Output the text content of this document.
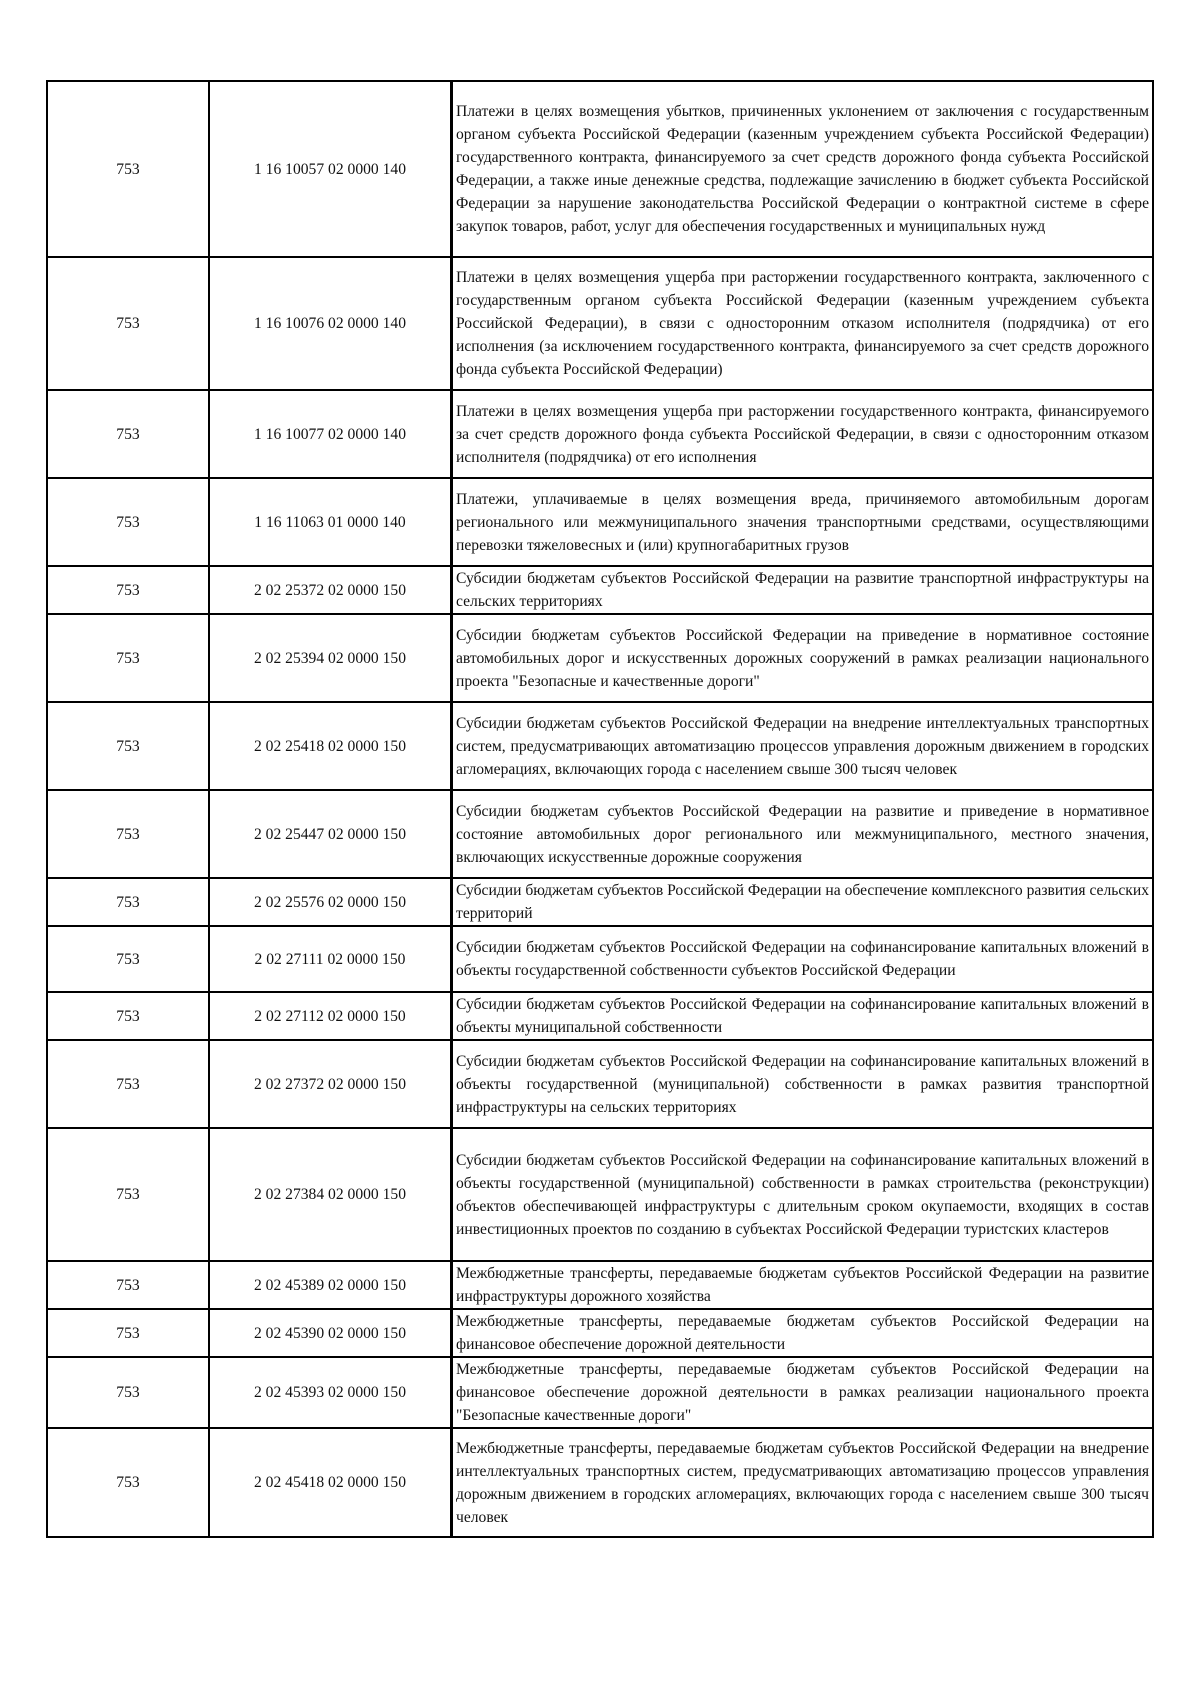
753	1 16 10057 02 0000 140	Платежи в целях возмещения убытков, причиненных уклонением от заключения с государственным органом субъекта Российской Федерации (казенным учреждением субъекта Российской Федерации) государственного контракта, финансируемого за счет средств дорожного фонда субъекта Российской Федерации, а также иные денежные средства, подлежащие зачислению в бюджет субъекта Российской Федерации за нарушение законодательства Российской Федерации о контрактной системе в сфере закупок товаров, работ, услуг для обеспечения государственных и муниципальных нужд
753	1 16 10076 02 0000 140	Платежи в целях возмещения ущерба при расторжении государственного контракта, заключенного с государственным органом субъекта Российской Федерации (казенным учреждением субъекта Российской Федерации), в связи с односторонним отказом исполнителя (подрядчика) от его исполнения (за исключением государственного контракта, финансируемого за счет средств дорожного фонда субъекта Российской Федерации)
753	1 16 10077 02 0000 140	Платежи в целях возмещения ущерба при расторжении государственного контракта, финансируемого за счет средств дорожного фонда субъекта Российской Федерации, в связи с односторонним отказом исполнителя (подрядчика) от его исполнения
753	1 16 11063 01 0000 140	Платежи, уплачиваемые в целях возмещения вреда, причиняемого автомобильным дорогам регионального или межмуниципального значения транспортными средствами, осуществляющими перевозки тяжеловесных и (или) крупногабаритных грузов
753	2 02 25372 02 0000 150	Субсидии бюджетам субъектов Российской Федерации на развитие транспортной инфраструктуры на сельских территориях
753	2 02 25394 02 0000 150	Субсидии бюджетам субъектов Российской Федерации на приведение в нормативное состояние автомобильных дорог и искусственных дорожных сооружений в рамках реализации национального проекта "Безопасные и качественные дороги"
753	2 02 25418 02 0000 150	Субсидии бюджетам субъектов Российской Федерации на внедрение интеллектуальных транспортных систем, предусматривающих автоматизацию процессов управления дорожным движением в городских агломерациях, включающих города с населением свыше 300 тысяч человек
753	2 02 25447 02 0000 150	Субсидии бюджетам субъектов Российской Федерации на развитие и приведение в нормативное состояние автомобильных дорог регионального или межмуниципального, местного значения, включающих искусственные дорожные сооружения
753	2 02 25576 02 0000 150	Субсидии бюджетам субъектов Российской Федерации на обеспечение комплексного развития сельских территорий
753	2 02 27111 02 0000 150	Субсидии бюджетам субъектов Российской Федерации на софинансирование капитальных вложений в объекты государственной собственности субъектов Российской Федерации
753	2 02 27112 02 0000 150	Субсидии бюджетам субъектов Российской Федерации на софинансирование капитальных вложений в объекты муниципальной собственности
753	2 02 27372 02 0000 150	Субсидии бюджетам субъектов Российской Федерации на софинансирование капитальных вложений в объекты государственной (муниципальной) собственности в рамках развития транспортной инфраструктуры на сельских территориях
753	2 02 27384 02 0000 150	Субсидии бюджетам субъектов Российской Федерации на софинансирование капитальных вложений в объекты государственной (муниципальной) собственности в рамках строительства (реконструкции) объектов обеспечивающей инфраструктуры с длительным сроком окупаемости, входящих в состав инвестиционных проектов по созданию в субъектах Российской Федерации туристских кластеров
753	2 02 45389 02 0000 150	Межбюджетные трансферты, передаваемые бюджетам субъектов Российской Федерации на развитие инфраструктуры дорожного хозяйства
753	2 02 45390 02 0000 150	Межбюджетные трансферты, передаваемые бюджетам субъектов Российской Федерации на финансовое обеспечение дорожной деятельности
753	2 02 45393 02 0000 150	Межбюджетные трансферты, передаваемые бюджетам субъектов Российской Федерации на финансовое обеспечение дорожной деятельности в рамках реализации национального проекта "Безопасные качественные дороги"
753	2 02 45418 02 0000 150	Межбюджетные трансферты, передаваемые бюджетам субъектов Российской Федерации на внедрение интеллектуальных транспортных систем, предусматривающих автоматизацию процессов управления дорожным движением в городских агломерациях, включающих города с населением свыше 300 тысяч человек
